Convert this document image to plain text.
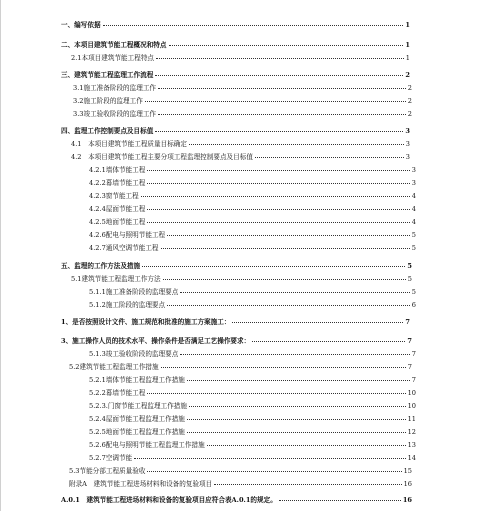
一、编写依据	1
二、本项目建筑节能工程概况和特点	1
2.1本项目建筑节能工程特点	1
三、建筑节能工程监理工作流程	2
3.1施工准备阶段的监理工作	2
3.2施工阶段的监理工作	2
3.3竣工验收阶段的监理工作	2
四、监理工作控制要点及目标值	3
4.1　本项目建筑节能工程质量目标确定	3
4.2　本项目建筑节能工程主要分项工程监理控制要点及目标值	3
4.2.1墙体节能工程	3
4.2.2幕墙节能工程	3
4.2.3窗节能工程	4
4.2.4屋面节能工程	4
4.2.5地面节能工程	4
4.2.6配电与照明节能工程	5
4.2.7通风空调节能工程	5
五、监理的工作方法及措施	5
5.1建筑节能工程监理工作方法	5
5.1.1施工准备阶段的监理要点	5
5.1.2施工阶段的监理要点	6
1、是否按照设计文件、施工规范和批准的施工方案施工：	7
3、施工操作人员的技术水平、操作条件是否满足工艺操作要求：	7
5.1.3竣工验收阶段的监理要点	7
5.2建筑节能工程监理工作措施	7
5.2.1墙体节能工程监理工作措施	7
5.2.2幕墙节能工程	10
5.2.3.门窗节能工程监理工作措施	10
5.2.4屋面节能工程监理工作措施	11
5.2.5地面节能工程监理工作措施	12
5.2.6配电与照明节能工程监理工作措施	13
5.2.7空调节能	14
5.3节能分部工程质量验收	15
附录A　建筑节能工程进场材料和设备的复验项目	16
A.0.1　建筑节能工程进场材料和设备的复验项目应符合表A.0.1的规定。	16
